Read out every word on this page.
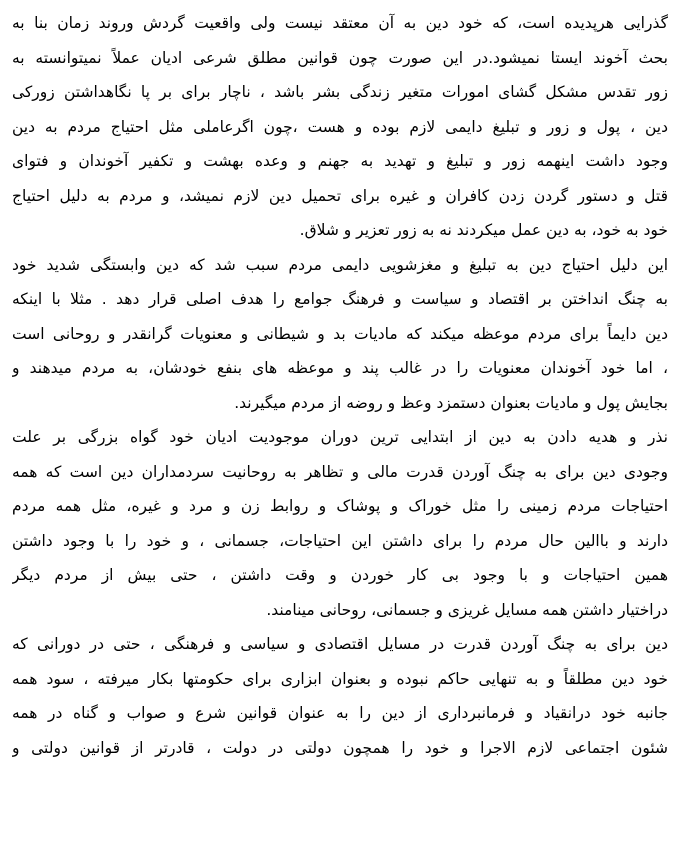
گذرایی هرپدیده است، که خود دین به آن معتقد نیست ولی واقعیت گردش وروند زمان بنا به
بحث آخوند ایستا نمیشود.در این صورت چون قوانین مطلق شرعی ادیان عملاً نمیتوانسته به
زور تقدس مشکل گشای امورات متغیر زندگی بشر باشد ، ناچار برای بر پا نگاهداشتن زورکی
دین ، پول و زور و تبلیغ دایمی لازم بوده و هست ،چون اگرعاملی مثل احتیاج مردم به دین
وجود داشت اینهمه زور و تبلیغ و تهدید به جهنم و وعده بهشت و تکفیر آخوندان و فتوای
قتل و دستور گردن زدن کافران و غیره برای تحمیل دین لازم نمیشد، و مردم به دلیل احتیاج
خود به خود، به دین عمل میکردند نه به زور تعزیر و شلاق.
این دلیل احتیاج دین به تبلیغ و مغزشویی دایمی مردم سبب شد که دین وابستگی شدید خود
به چنگ انداختن بر اقتصاد و سیاست و فرهنگ جوامع را هدف اصلی قرار دهد . مثلا با اینکه
دین دایماً برای مردم موعظه میکند که مادیات بد و شیطانی و معنویات گرانقدر و روحانی است
، اما خود آخوندان معنویات را در غالب پند و موعظه های بنفع خودشان، به مردم میدهند و
بجایش پول و مادیات بعنوان دستمزد وعظ و روضه از مردم میگیرند.
نذر و هدیه دادن به دین از ابتدایی ترین دوران موجودیت ادیان خود گواه بزرگی بر علت
وجودی دین برای به چنگ آوردن قدرت مالی و تظاهر به روحانیت سردمداران دین است که همه
احتیاجات مردم زمینی را مثل خوراک و پوشاک و روابط زن و مرد و غیره، مثل همه مردم
دارند و باالین حال مردم را برای داشتن این احتیاجات، جسمانی ، و خود را با وجود داشتن
همین احتیاجات و با وجود بی کار خوردن و وقت داشتن ، حتی بیش از مردم دیگر
دراختیار داشتن همه مسایل غریزی و جسمانی، روحانی مینامند.
دین برای به چنگ آوردن قدرت در مسایل اقتصادی و سیاسی و فرهنگی ، حتی در دورانی که
خود دین مطلقاً و به تنهایی حاکم نبوده و بعنوان ابزاری برای حکومتها بکار میرفته ، سود همه
جانبه خود درانقیاد و فرمانبرداری از دین را به عنوان قوانین شرع و صواب و گناه در همه
شئون اجتماعی لازم الاجرا و خود را همچون دولتی در دولت ، قادرتر از قوانین دولتی و
